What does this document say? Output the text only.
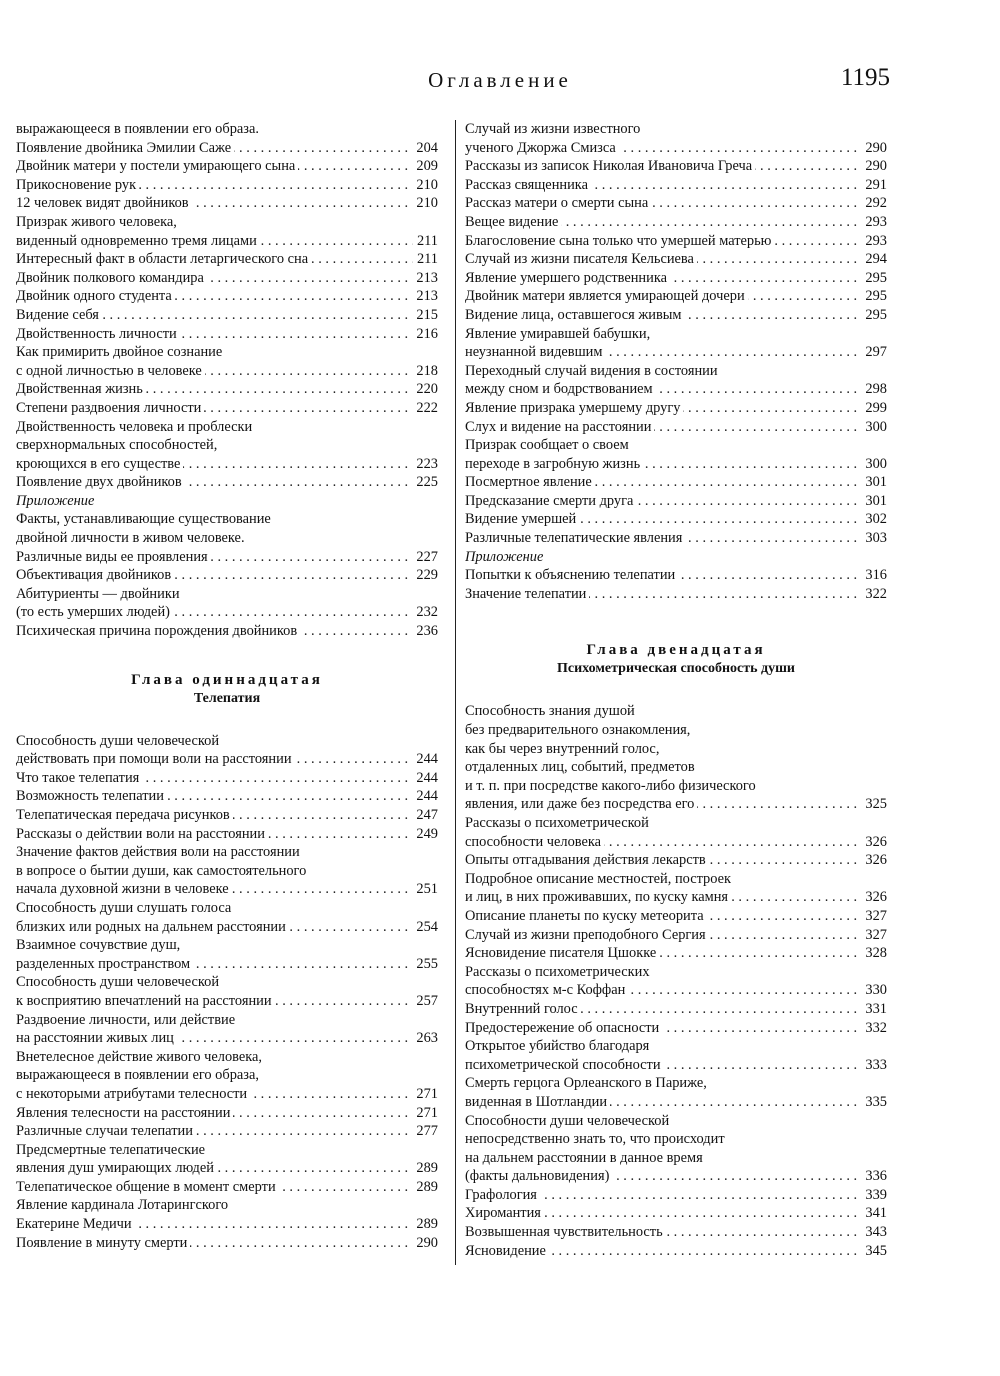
Оглавление	1195
выражающееся в появлении его образа.
. . . Появление двойника Эмилии Саже	204
. . . Двойник матери у постели умирающего сына	209
. . . Прикосновение рук	210
. . . 12 человек видят двойников	210
Призрак живого человека,
. . . виденный одновременно тремя лицами	211
. . . Интересный факт в области летаргического сна	211
. . . Двойник полкового командира	213
. . . Двойник одного студента	213
. . . Видение себя	215
. . . Двойственность личности	216
Как примирить двойное сознание
. . . с одной личностью в человеке	218
. . . Двойственная жизнь	220
. . . Степени раздвоения личности	222
Двойственность человека и проблески
сверхнормальных способностей,
. . . кроющихся в его существе	223
. . . Появление двух двойников	225
Приложение
Факты, устанавливающие существование
двойной личности в живом человеке.
. . . Различные виды ее проявления	227
. . . Объективация двойников	229
Абитуриенты — двойники
. . . (то есть умерших людей)	232
. . . Психическая причина порождения двойников	236
Глава одиннадцатая
Телепатия
Способность души человеческой
. . . действовать при помощи воли на расстоянии	244
. . . Что такое телепатия	244
. . . Возможность телепатии	244
. . . Телепатическая передача рисунков	247
. . . Рассказы о действии воли на расстоянии	249
Значение фактов действия воли на расстоянии
в вопросе о бытии души, как самостоятельного
. . . начала духовной жизни в человеке	251
Способность души слушать голоса
. . . близких или родных на дальнем расстоянии	254
Взаимное сочувствие душ,
. . . разделенных пространством	255
Способность души человеческой
. . . к восприятию впечатлений на расстоянии	257
Раздвоение личности, или действие
. . . на расстоянии живых лиц	263
Внетелесное действие живого человека,
выражающееся в появлении его образа,
. . . с некоторыми атрибутами телесности	271
. . . Явления телесности на расстоянии	271
. . . Различные случаи телепатии	277
Предсмертные телепатические
. . . явления душ умирающих людей	289
. . . Телепатическое общение в момент смерти	289
Явление кардинала Лотарингского
. . . Екатерине Медичи	289
. . . Появление в минуту смерти	290
Случай из жизни известного
. . . ученого Джоржа Смизса	290
. . . Рассказы из записок Николая Ивановича Греча	290
. . . Рассказ священника	291
. . . Рассказ матери о смерти сына	292
. . . Вещее видение	293
. . . Благословение сына только что умершей матерью	293
. . . Случай из жизни писателя Кельсиева	294
. . . Явление умершего родственника	295
. . . Двойник матери является умирающей дочери	295
. . . Видение лица, оставшегося живым	295
Явление умиравшей бабушки,
. . . неузнанной видевшим	297
Переходный случай видения в состоянии
. . . между сном и бодрствованием	298
. . . Явление призрака умершему другу	299
. . . Слух и видение на расстоянии	300
Призрак сообщает о своем
. . . переходе в загробную жизнь	300
. . . Посмертное явление	301
. . . Предсказание смерти друга	301
. . . Видение умершей	302
. . . Различные телепатические явления	303
Приложение
. . . Попытки к объяснению телепатии	316
. . . Значение телепатии	322
Глава двенадцатая
Психометрическая способность души
Способность знания душой
без предварительного ознакомления,
как бы через внутренний голос,
отдаленных лиц, событий, предметов
и т. п. при посредстве какого-либо физического
. . . явления, или даже без посредства его	325
Рассказы о психометрической
. . . способности человека	326
. . . Опыты отгадывания действия лекарств	326
Подробное описание местностей, построек
. . . и лиц, в них проживавших, по куску камня	326
. . . Описание планеты по куску метеорита	327
. . . Случай из жизни преподобного Сергия	327
. . . Ясновидение писателя Цшокке	328
Рассказы о психометрических
. . . способностях м-с Коффан	330
. . . Внутренний голос	331
. . . Предостережение об опасности	332
Открытое убийство благодаря
. . . психометрической способности	333
Смерть герцога Орлеанского в Париже,
. . . виденная в Шотландии	335
Способности души человеческой
непосредственно знать то, что происходит
на дальнем расстоянии в данное время
. . . (факты дальновидения)	336
. . . Графология	339
. . . Хиромантия	341
. . . Возвышенная чувствительность	343
. . . Ясновидение	345
